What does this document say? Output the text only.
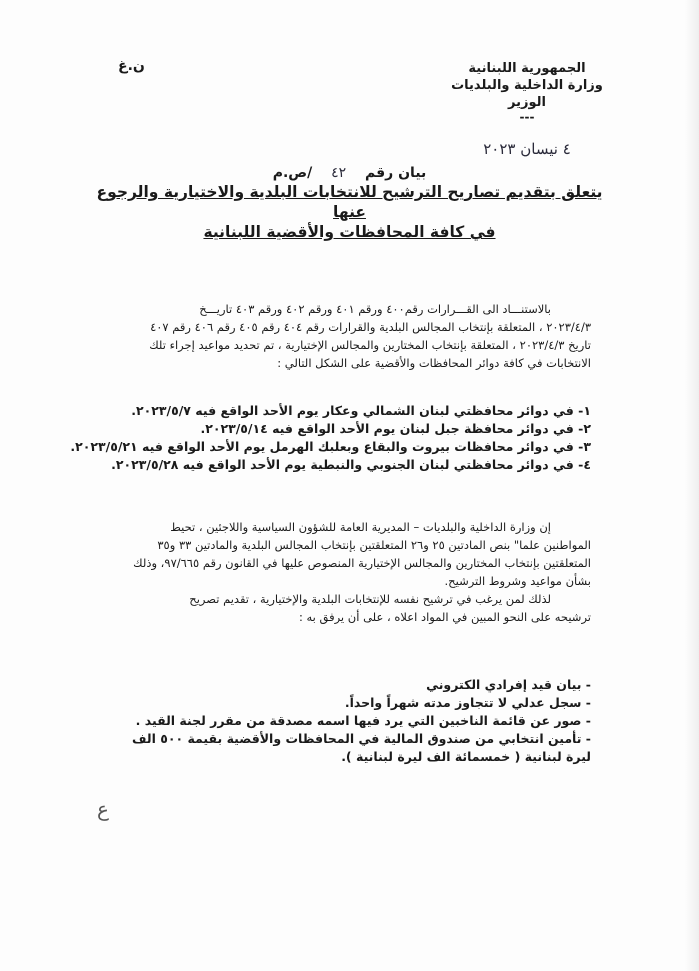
الجمهورية اللبنانية
وزارة الداخلية والبلديات
الوزير
---
٤ نيسان ٢٠٢٣
ن.غ
بيان رقم ٤٢ /ص.م
يتعلق بتقديم تصاريح الترشيح للانتخابات البلدية والاختيارية والرجوع عنها
في كافة المحافظات والأقضية اللبنانية

بالاستنـــاد الى القـــرارات رقم٤٠٠ ورقم ٤٠١ ورقم ٤٠٢ ورقم ٤٠٣ تاريـــخ

٢٠٢٣/٤/٣ ، المتعلقة بإنتخاب المجالس البلدية والقرارات رقم ٤٠٤ رقم ٤٠٥ رقم ٤٠٦ رقم ٤٠٧

تاريخ ٢٠٢٣/٤/٣ ، المتعلقة بإنتخاب المختارين والمجالس الإختيارية ، تم تحديد مواعيد إجراء تلك

الانتخابات في كافة دوائر المحافظات والأقضية على الشكل التالي :

١- في دوائر محافظتي لبنان الشمالي وعكار يوم الأحد الواقع فيه ٢٠٢٣/٥/٧.
٢- في دوائر محافظة جبل لبنان يوم الأحد الواقع فيه ٢٠٢٣/٥/١٤.
٣- في دوائر محافظات بيروت والبقاع وبعلبك الهرمل يوم الأحد الواقع فيه ٢٠٢٣/٥/٢١.
٤- في دوائر محافظتي لبنان الجنوبي والنبطية يوم الأحد الواقع فيه ٢٠٢٣/٥/٢٨.

إن وزارة الداخلية والبلديات – المديرية العامة للشؤون السياسية واللاجئين ، تحيط

المواطنين علما" بنص المادتين ٢٥ و٢٦ المتعلقتين بإنتخاب المجالس البلدية والمادتين ٣٣ و٣٥

المتعلقتين بإنتخاب المختارين والمجالس الإختيارية المنصوص عليها في القانون رقم ٩٧/٦٦٥، وذلك

بشأن مواعيد وشروط الترشيح.

لذلك لمن يرغب في ترشيح نفسه للإنتخابات البلدية والإختيارية ، تقديم تصريح

ترشيحه على النحو المبين في المواد اعلاه ، على أن يرفق به :

- بيان قيد إفرادي الكتروني
- سجل عدلي لا تتجاوز مدته شهراً واحداً.
- صور عن قائمة الناخبين التي يرد فيها اسمه مصدقة من مقرر لجنة القيد .
- تأمين انتخابي من صندوق المالية في المحافظات والأقضية بقيمة ٥٠٠ الف ليرة لبنانية ( خمسمائة الف ليرة لبنانية ).
ع
